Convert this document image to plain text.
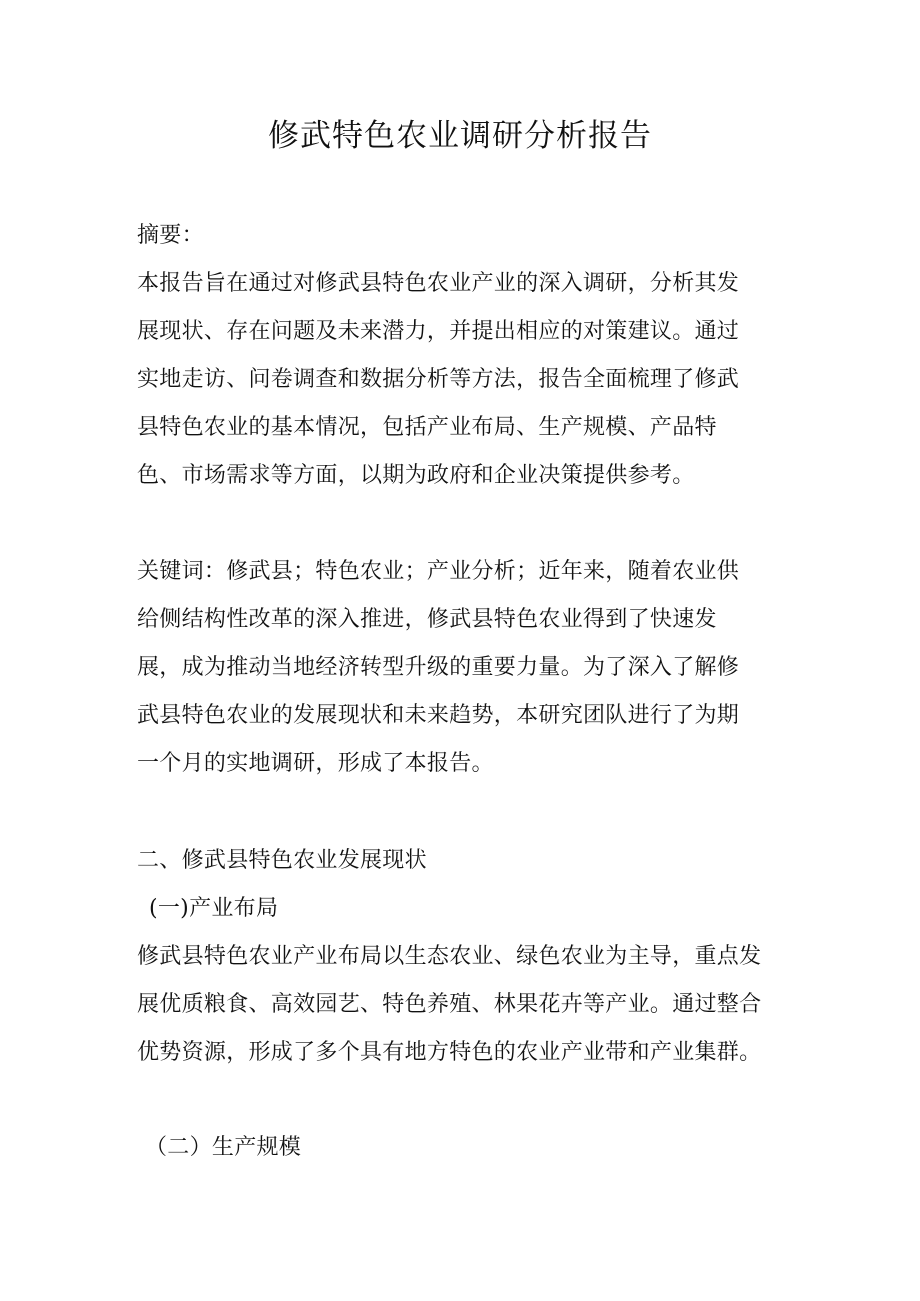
修武特色农业调研分析报告
摘要：
本报告旨在通过对修武县特色农业产业的深入调研，分析其发
展现状、存在问题及未来潜力，并提出相应的对策建议。通过
实地走访、问卷调查和数据分析等方法，报告全面梳理了修武
县特色农业的基本情况，包括产业布局、生产规模、产品特
色、市场需求等方面，以期为政府和企业决策提供参考。
关键词：修武县；特色农业；产业分析；近年来，随着农业供
给侧结构性改革的深入推进，修武县特色农业得到了快速发
展，成为推动当地经济转型升级的重要力量。为了深入了解修
武县特色农业的发展现状和未来趋势，本研究团队进行了为期
一个月的实地调研，形成了本报告。
二、修武县特色农业发展现状
(一)产业布局
修武县特色农业产业布局以生态农业、绿色农业为主导，重点发
展优质粮食、高效园艺、特色养殖、林果花卉等产业。通过整合
优势资源，形成了多个具有地方特色的农业产业带和产业集群。
（二）生产规模
